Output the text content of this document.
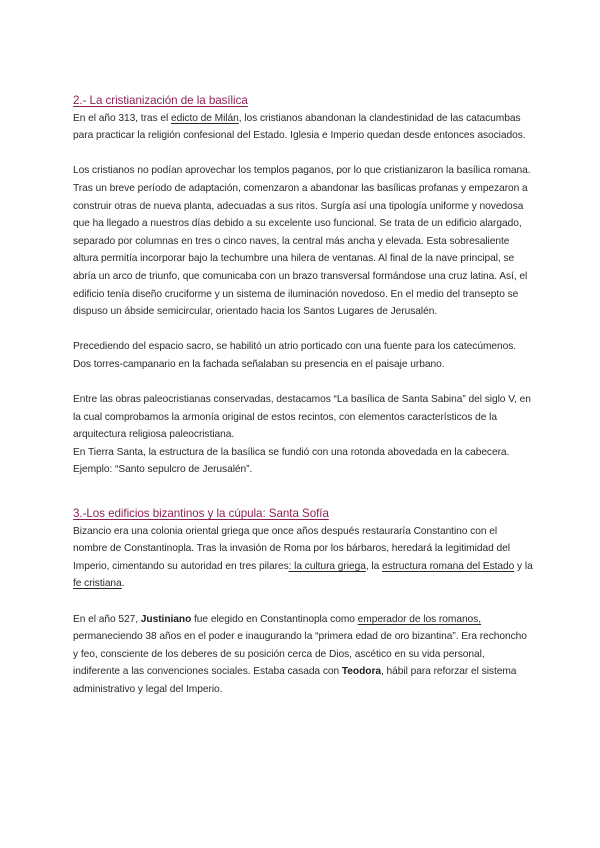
2.- La cristianización de la basílica

En el año 313, tras el edicto de Milán, los cristianos abandonan la clandestinidad de las catacumbas para practicar la religión confesional del Estado. Iglesia e Imperio quedan desde entonces asociados.

Los cristianos no podían aprovechar los templos paganos, por lo que cristianizaron la basílica romana.

Tras un breve período de adaptación, comenzaron a abandonar las basílicas profanas y empezaron a construir otras de nueva planta, adecuadas a sus ritos. Surgía así una tipología uniforme y novedosa que ha llegado a nuestros días debido a su excelente uso funcional. Se trata de un edificio alargado, separado por columnas en tres o cinco naves, la central más ancha y elevada. Esta sobresaliente altura permitía incorporar bajo la techumbre una hilera de ventanas. Al final de la nave principal, se abría un arco de triunfo, que comunicaba con un brazo transversal formándose una cruz latina. Así, el edificio tenía diseño cruciforme y un sistema de iluminación novedoso. En el medio del transepto se dispuso un ábside semicircular, orientado hacia los Santos Lugares de Jerusalén.

Precediendo del espacio sacro, se habilitó un atrio porticado con una fuente para los catecúmenos. Dos torres-campanario en la fachada señalaban su presencia en el paisaje urbano.

Entre las obras paleocristianas conservadas, destacamos “La basílica de Santa Sabina” del siglo V, en la cual comprobamos la armonía original de estos recintos, con elementos característicos de la arquitectura religiosa paleocristiana.

En Tierra Santa, la estructura de la basílica se fundió con una rotonda abovedada en la cabecera. Ejemplo: “Santo sepulcro de Jerusalén”.

3.-Los edificios bizantinos y la cúpula: Santa Sofía

Bizancio era una colonia oriental griega que once años después restauraría Constantino con el nombre de Constantinopla. Tras la invasión de Roma por los bárbaros, heredará la legitimidad del Imperio, cimentando su autoridad en tres pilares: la cultura griega, la estructura romana del Estado y la fe cristiana.

En el año 527, Justiniano fue elegido en Constantinopla como emperador de los romanos, permaneciendo 38 años en el poder e inaugurando la “primera edad de oro bizantina”. Era rechoncho y feo, consciente de los deberes de su posición cerca de Dios, ascético en su vida personal, indiferente a las convenciones sociales. Estaba casada con Teodora, hábil para reforzar el sistema administrativo y legal del Imperio.
